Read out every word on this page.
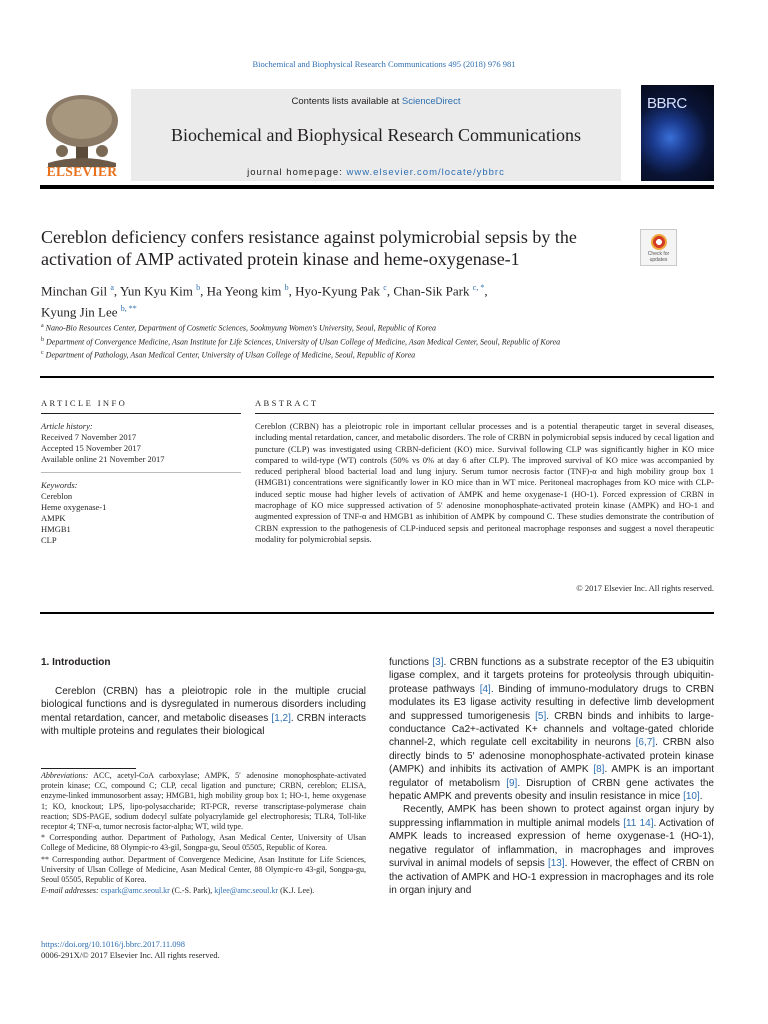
Biochemical and Biophysical Research Communications 495 (2018) 976 981
ELSEVIER
Contents lists available at ScienceDirect
Biochemical and Biophysical Research Communications
journal homepage: www.elsevier.com/locate/ybbrc
BBRC
Cereblon deficiency confers resistance against polymicrobial sepsis by the activation of AMP activated protein kinase and heme-oxygenase-1	Check for updates
Minchan Gil $^a$, Yun Kyu Kim $^b$, Ha Yeong kim $^b$, Hyo-Kyung Pak $^c$, Chan-Sik Park $^{c, *}$,
Kyung Jin Lee $^{b, **}$

$^a$ Nano-Bio Resources Center, Department of Cosmetic Sciences, Sookmyung Women's University, Seoul, Republic of Korea

$^b$ Department of Convergence Medicine, Asan Institute for Life Sciences, University of Ulsan College of Medicine, Asan Medical Center, Seoul, Republic of Korea

$^c$ Department of Pathology, Asan Medical Center, University of Ulsan College of Medicine, Seoul, Republic of Korea

ARTICLE INFO	ABSTRACT
Article history:
Received 7 November 2017
Accepted 15 November 2017
Available online 21 November 2017
Keywords:
Cereblon
Heme oxygenase-1
AMPK
HMGB1
CLP
Cereblon (CRBN) has a pleiotropic role in important cellular processes and is a potential therapeutic target in several diseases, including mental retardation, cancer, and metabolic disorders. The role of CRBN in polymicrobial sepsis induced by cecal ligation and puncture (CLP) was investigated using CRBN-deficient (KO) mice. Survival following CLP was significantly higher in KO mice compared to wild-type (WT) controls (50% vs 0% at day 6 after CLP). The improved survival of KO mice was accompanied by reduced peripheral blood bacterial load and lung injury. Serum tumor necrosis factor (TNF)-α and high mobility group box 1 (HMGB1) concentrations were significantly lower in KO mice than in WT mice. Peritoneal macrophages from KO mice with CLP-induced septic mouse had higher levels of activation of AMPK and heme oxygenase-1 (HO-1). Forced expression of CRBN in macrophage of KO mice suppressed activation of 5′ adenosine monophosphate-activated protein kinase (AMPK) and HO-1 and augmented expression of TNF-α and HMGB1 as inhibition of AMPK by compound C. These studies demonstrate the contribution of CRBN expression to the pathogenesis of CLP-induced sepsis and peritoneal macrophage responses and suggest a novel therapeutic modality for polymicrobial sepsis.
© 2017 Elsevier Inc. All rights reserved.
1. Introduction

Cereblon (CRBN) has a pleiotropic role in the multiple crucial biological functions and is dysregulated in numerous disorders including mental retardation, cancer, and metabolic diseases [1,2]. CRBN interacts with multiple proteins and regulates their biological

functions [3]. CRBN functions as a substrate receptor of the E3 ubiquitin ligase complex, and it targets proteins for proteolysis through ubiquitin-protease pathways [4]. Binding of immuno-modulatory drugs to CRBN modulates its E3 ligase activity resulting in defective limb development and suppressed tumorigenesis [5]. CRBN binds and inhibits to large-conductance Ca2+-activated K+ channels and voltage-gated chloride channel-2, which regulate cell excitability in neurons [6,7]. CRBN also directly binds to 5′ adenosine monophosphate-activated protein kinase (AMPK) and inhibits its activation of AMPK [8]. AMPK is an important regulator of metabolism [9]. Disruption of CRBN gene activates the hepatic AMPK and prevents obesity and insulin resistance in mice [10].

Recently, AMPK has been shown to protect against organ injury by suppressing inflammation in multiple animal models [11 14]. Activation of AMPK leads to increased expression of heme oxygenase-1 (HO-1), negative regulator of inflammation, in macrophages and improves survival in animal models of sepsis [13]. However, the effect of CRBN on the activation of AMPK and HO-1 expression in macrophages and its role in organ injury and

Abbreviations: ACC, acetyl-CoA carboxylase; AMPK, 5′ adenosine monophosphate-activated protein kinase; CC, compound C; CLP, cecal ligation and puncture; CRBN, cereblon; ELISA, enzyme-linked immunosorbent assay; HMGB1, high mobility group box 1; HO-1, heme oxygenase 1; KO, knockout; LPS, lipo-polysaccharide; RT-PCR, reverse transcriptase-polymerase chain reaction; SDS-PAGE, sodium dodecyl sulfate polyacrylamide gel electrophoresis; TLR4, Toll-like receptor 4; TNF-α, tumor necrosis factor-alpha; WT, wild type.

* Corresponding author. Department of Pathology, Asan Medical Center, University of Ulsan College of Medicine, 88 Olympic-ro 43-gil, Songpa-gu, Seoul 05505, Republic of Korea.

** Corresponding author. Department of Convergence Medicine, Asan Institute for Life Sciences, University of Ulsan College of Medicine, Asan Medical Center, 88 Olympic-ro 43-gil, Songpa-gu, Seoul 05505, Republic of Korea.

E-mail addresses: cspark@amc.seoul.kr (C.-S. Park), kjlee@amc.seoul.kr (K.J. Lee).

https://doi.org/10.1016/j.bbrc.2017.11.098
0006-291X/© 2017 Elsevier Inc. All rights reserved.
